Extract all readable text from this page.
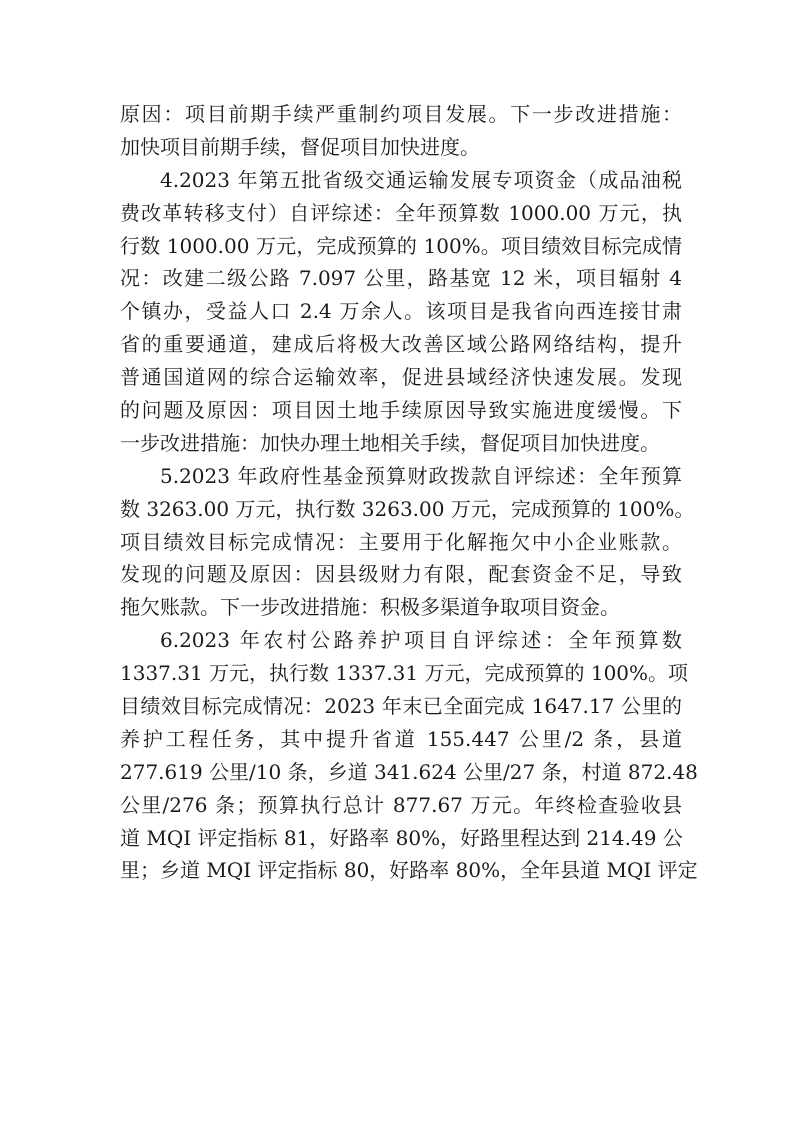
原因：项目前期手续严重制约项目发展。下一步改进措施：

加快项目前期手续，督促项目加快进度。

4.2023 年第五批省级交通运输发展专项资金（成品油税

费改革转移支付）自评综述：全年预算数 1000.00 万元，执

行数 1000.00 万元，完成预算的 100%。项目绩效目标完成情

况：改建二级公路 7.097 公里，路基宽 12 米，项目辐射 4

个镇办，受益人口 2.4 万余人。该项目是我省向西连接甘肃

省的重要通道，建成后将极大改善区域公路网络结构，提升

普通国道网的综合运输效率，促进县域经济快速发展。发现

的问题及原因：项目因土地手续原因导致实施进度缓慢。下

一步改进措施：加快办理土地相关手续，督促项目加快进度。

5.2023 年政府性基金预算财政拨款自评综述：全年预算

数 3263.00 万元，执行数 3263.00 万元，完成预算的 100%。

项目绩效目标完成情况：主要用于化解拖欠中小企业账款。

发现的问题及原因：因县级财力有限，配套资金不足，导致

拖欠账款。下一步改进措施：积极多渠道争取项目资金。

6.2023 年农村公路养护项目自评综述：全年预算数

1337.31 万元，执行数 1337.31 万元，完成预算的 100%。项

目绩效目标完成情况：2023 年末已全面完成 1647.17 公里的

养护工程任务，其中提升省道 155.447 公里/2 条，县道

277.619 公里/10 条，乡道 341.624 公里/27 条，村道 872.48

公里/276 条；预算执行总计 877.67 万元。年终检查验收县

道 MQI 评定指标 81，好路率 80%，好路里程达到 214.49 公

里；乡道 MQI 评定指标 80，好路率 80%，全年县道 MQI 评定
